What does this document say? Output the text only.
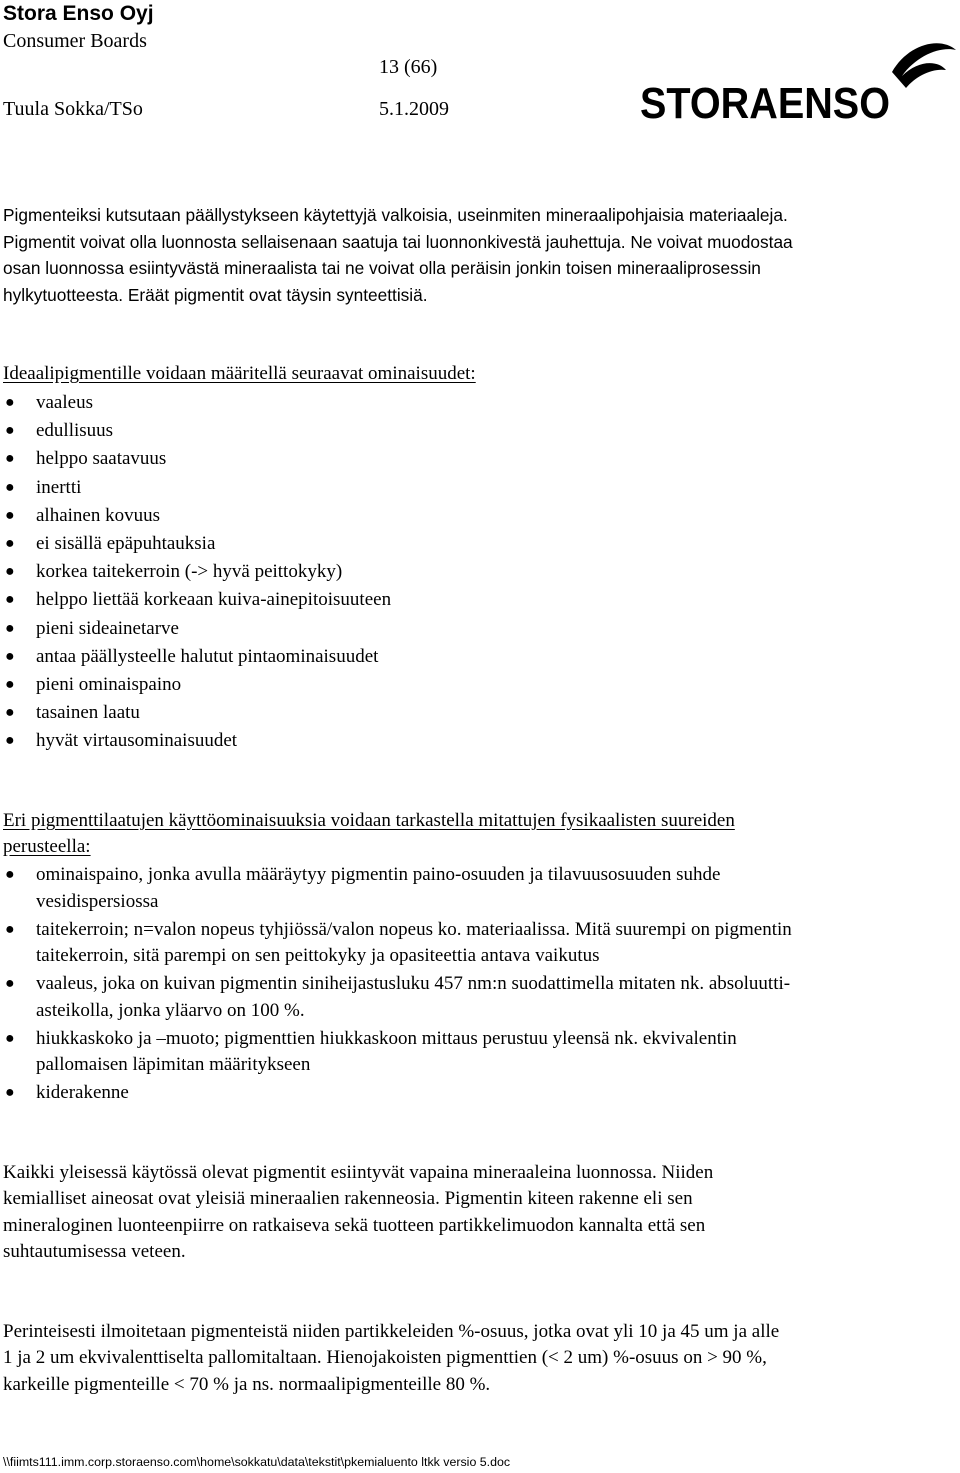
Stora Enso Oyj
Consumer Boards
13 (66)
Tuula Sokka/TSo	5.1.2009	STORAENSO
Pigmenteiksi kutsutaan päällystykseen käytettyjä valkoisia, useinmiten mineraalipohjaisia materiaaleja.
Pigmentit voivat olla luonnosta sellaisenaan saatuja tai luonnonkivestä jauhettuja. Ne voivat muodostaa
osan luonnossa esiintyvästä mineraalista tai ne voivat olla peräisin jonkin toisen mineraaliprosessin
hylkytuotteesta. Eräät pigmentit ovat täysin synteettisiä.
Ideaalipigmentille voidaan määritellä seuraavat ominaisuudet:
● vaaleus
● edullisuus
● helppo saatavuus
● inertti
● alhainen kovuus
● ei sisällä epäpuhtauksia
● korkea taitekerroin (-> hyvä peittokyky)
● helppo liettää korkeaan kuiva-ainepitoisuuteen
● pieni sideainetarve
● antaa päällysteelle halutut pintaominaisuudet
● pieni ominaispaino
● tasainen laatu
● hyvät virtausominaisuudet
Eri pigmenttilaatujen käyttöominaisuuksia voidaan tarkastella mitattujen fysikaalisten suureiden
perusteella:
● ominaispaino, jonka avulla määräytyy pigmentin paino-osuuden ja tilavuusosuuden suhde
vesidispersiossa
● taitekerroin; n=valon nopeus tyhjiössä/valon nopeus ko. materiaalissa. Mitä suurempi on pigmentin
taitekerroin, sitä parempi on sen peittokyky ja opasiteettia antava vaikutus
● vaaleus, joka on kuivan pigmentin siniheijastusluku 457 nm:n suodattimella mitaten nk. absoluutti-
asteikolla, jonka yläarvo on 100 %.
● hiukkaskoko ja –muoto; pigmenttien hiukkaskoon mittaus perustuu yleensä nk. ekvivalentin
pallomaisen läpimitan määritykseen
● kiderakenne
Kaikki yleisessä käytössä olevat pigmentit esiintyvät vapaina mineraaleina luonnossa. Niiden
kemialliset aineosat ovat yleisiä mineraalien rakenneosia. Pigmentin kiteen rakenne eli sen
mineraloginen luonteenpiirre on ratkaiseva sekä tuotteen partikkelimuodon kannalta että sen
suhtautumisessa veteen.
Perinteisesti ilmoitetaan pigmenteistä niiden partikkeleiden %-osuus, jotka ovat yli 10 ja 45 um ja alle
1 ja 2 um ekvivalenttiselta pallomitaltaan. Hienojakoisten pigmenttien (< 2 um) %-osuus on > 90 %,
karkeille pigmenteille < 70 % ja ns. normaalipigmenteille 80 %.
\\fiimts111.imm.corp.storaenso.com\home\sokkatu\data\tekstit\pkemialuento ltkk versio 5.doc
